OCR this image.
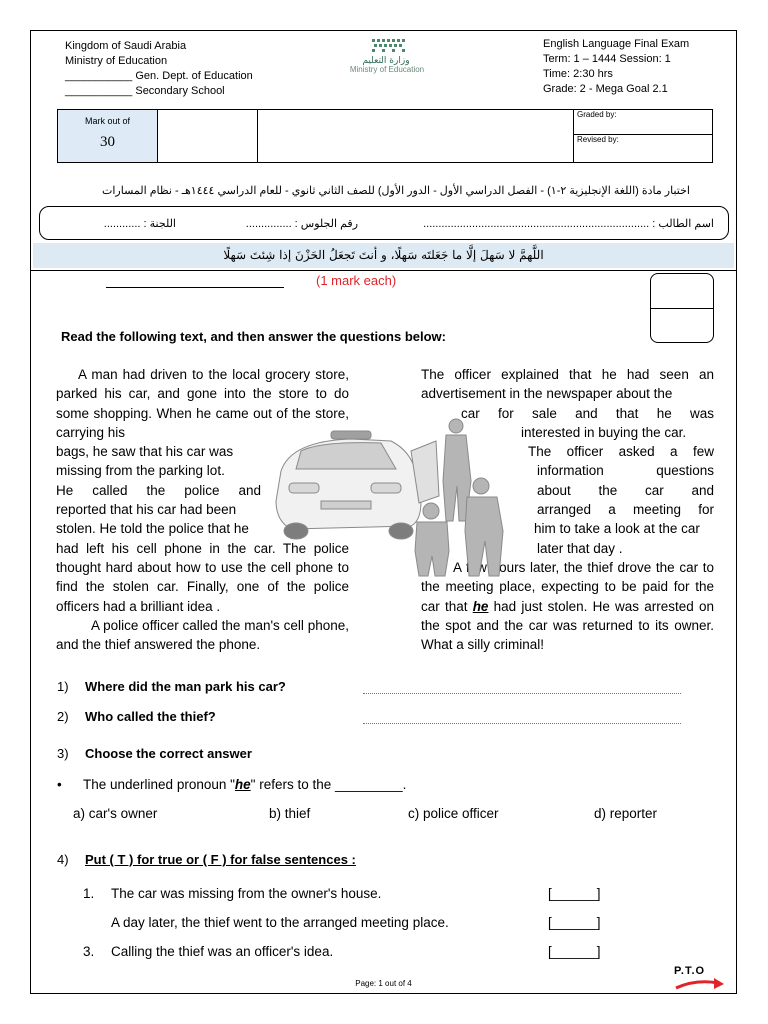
Kingdom of Saudi Arabia
Ministry of Education
___________ Gen. Dept. of Education
___________ Secondary School
وزارة التعليم
Ministry of Education
English Language Final Exam
Term: 1 – 1444 Session: 1
Time: 2:30 hrs
Grade: 2 - Mega Goal 2.1
Mark out of
30
Graded by:
Revised by:
اختبار مادة (اللغة الإنجليزية ٢-١) - الفصل الدراسي الأول - الدور الأول) للصف الثاني ثانوي - للعام الدراسي ١٤٤٤هـ - نظام المسارات
اسم الطالب : ..........................................................................
رقم الجلوس : ...............
اللجنة : ............
اللَّهمَّ لا سَهلَ إلَّا ما جَعَلتَه سَهلًا، و أنتَ تَجعَلُ الحَزْنَ إذا شِئتَ سَهلًا
(1 mark each)
Read the following text, and then answer the questions below:
A man had driven to the local grocery store, parked his car, and gone into the store to do some shopping. When he came out of the store, carrying his
bags, he saw that his car was
missing from the parking lot.
He called the police and
reported that his car had been
stolen. He told the police that he
had left his cell phone in the car. The police thought hard about how to use the cell phone to find the stolen car. Finally, one of the police officers had a brilliant idea .
A police officer called the man's cell phone, and the thief answered the phone.
The officer explained that he had seen an advertisement in the newspaper about the
car for sale and that he was
interested in buying the car.
The officer asked a few
information questions
about the car and
arranged a meeting for
him to take a look at the car
later that day .
A few hours later, the thief drove the car to the meeting place, expecting to be paid for the car that he had just stolen. He was arrested on the spot and the car was returned to its owner. What a silly criminal!
1) Where did the man park his car?
2) Who called the thief?
3) Choose the correct answer
• The underlined pronoun "he" refers to the _________.
a) car's owner	b) thief	c) police officer	d) reporter
4) Put ( T ) for true or ( F ) for false sentences :
1. The car was missing from the owner's house.	[______]
A day later, the thief went to the arranged meeting place.	[______]
3. Calling the thief was an officer's idea.	[______]
Page: 1 out of 4
P.T.O
